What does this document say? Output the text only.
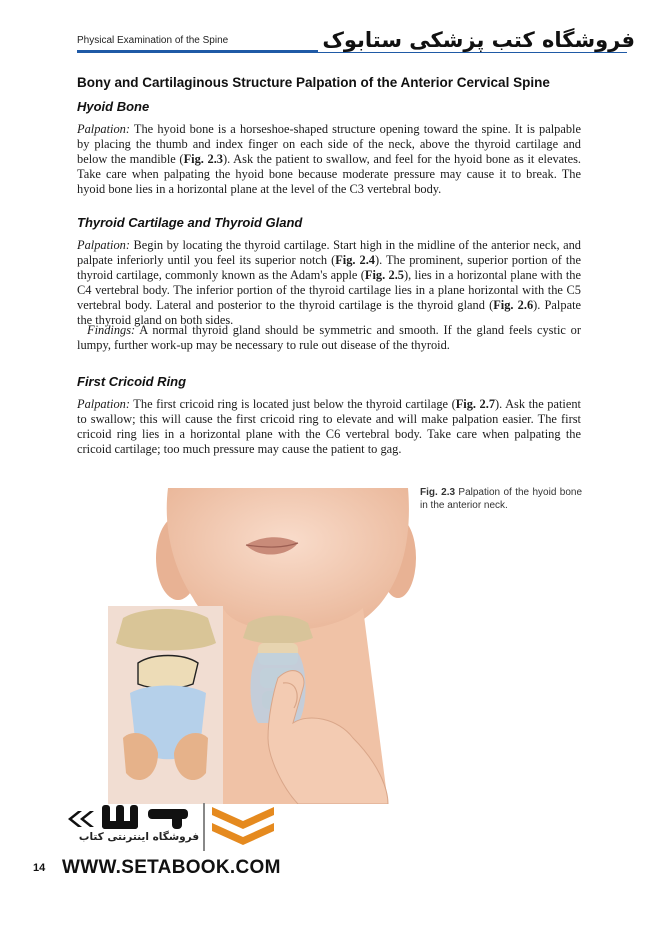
Physical Examination of the Spine	فروشگاه کتب پزشکی ستابوک
Bony and Cartilaginous Structure Palpation of the Anterior Cervical Spine
Hyoid Bone

Palpation: The hyoid bone is a horseshoe-shaped structure opening toward the spine. It is palpable by placing the thumb and index finger on each side of the neck, above the thyroid cartilage and below the mandible (Fig. 2.3). Ask the patient to swallow, and feel for the hyoid bone as it elevates. Take care when palpating the hyoid bone because moderate pressure may cause it to break. The hyoid bone lies in a horizontal plane at the level of the C3 vertebral body.

Thyroid Cartilage and Thyroid Gland

Palpation: Begin by locating the thyroid cartilage. Start high in the midline of the anterior neck, and palpate inferiorly until you feel its superior notch (Fig. 2.4). The prominent, superior portion of the thyroid cartilage, commonly known as the Adam's apple (Fig. 2.5), lies in a horizontal plane with the C4 vertebral body. The inferior portion of the thyroid cartilage lies in a plane horizontal with the C5 vertebral body. Lateral and posterior to the thyroid cartilage is the thyroid gland (Fig. 2.6). Palpate the thyroid gland on both sides.

Findings: A normal thyroid gland should be symmetric and smooth. If the gland feels cystic or lumpy, further work-up may be necessary to rule out disease of the thyroid.

First Cricoid Ring

Palpation: The first cricoid ring is located just below the thyroid cartilage (Fig. 2.7). Ask the patient to swallow; this will cause the first cricoid ring to elevate and will make palpation easier. The first cricoid ring lies in a horizontal plane with the C6 vertebral body. Take care when palpating the cricoid cartilage; too much pressure may cause the patient to gag.

Fig. 2.3 Palpation of the hyoid bone in the anterior neck.
فروشگاه اینترنتی کتاب
14 WWW.SETABOOK.COM
